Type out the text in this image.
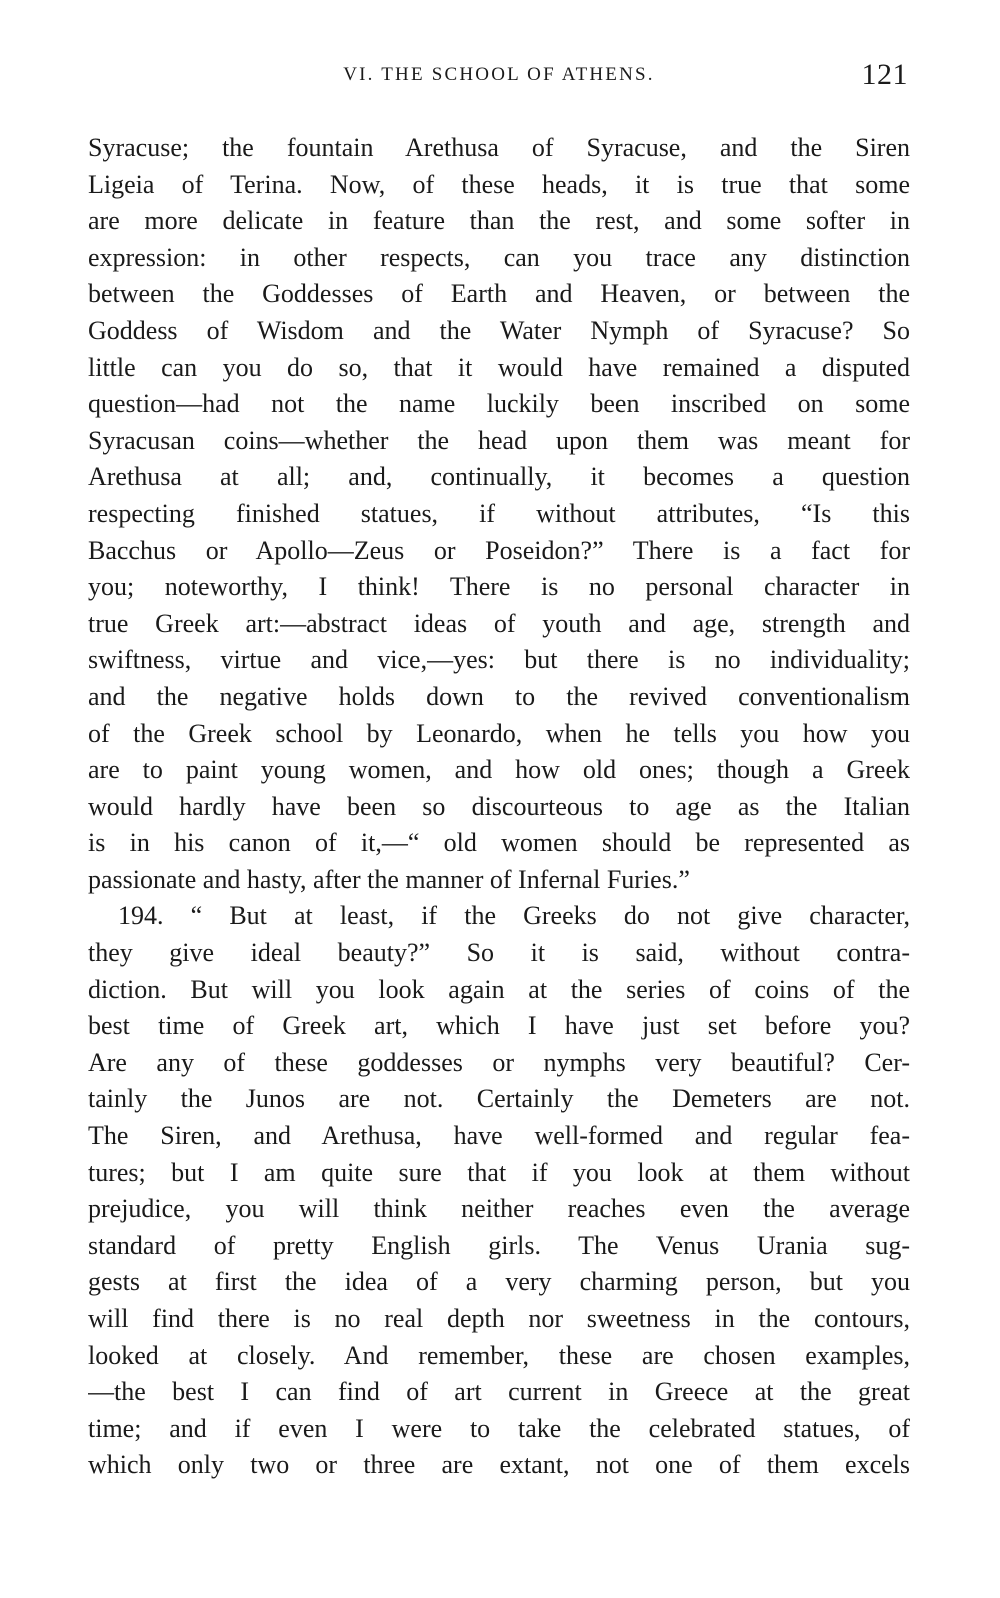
VI. THE SCHOOL OF ATHENS.	121
Syracuse; the fountain Arethusa of Syracuse, and the Siren
Ligeia of Terina. Now, of these heads, it is true that some
are more delicate in feature than the rest, and some softer in
expression: in other respects, can you trace any distinction
between the Goddesses of Earth and Heaven, or between the
Goddess of Wisdom and the Water Nymph of Syracuse? So
little can you do so, that it would have remained a disputed
question—had not the name luckily been inscribed on some
Syracusan coins—whether the head upon them was meant for
Arethusa at all; and, continually, it becomes a question
respecting finished statues, if without attributes, “Is this
Bacchus or Apollo—Zeus or Poseidon?” There is a fact for
you; noteworthy, I think! There is no personal character in
true Greek art:—abstract ideas of youth and age, strength and
swiftness, virtue and vice,—yes: but there is no individuality;
and the negative holds down to the revived conventionalism
of the Greek school by Leonardo, when he tells you how you
are to paint young women, and how old ones; though a Greek
would hardly have been so discourteous to age as the Italian
is in his canon of it,—“ old women should be represented as
passionate and hasty, after the manner of Infernal Furies.”
194. “ But at least, if the Greeks do not give character,
they give ideal beauty?” So it is said, without contra-
diction. But will you look again at the series of coins of the
best time of Greek art, which I have just set before you?
Are any of these goddesses or nymphs very beautiful? Cer-
tainly the Junos are not. Certainly the Demeters are not.
The Siren, and Arethusa, have well-formed and regular fea-
tures; but I am quite sure that if you look at them without
prejudice, you will think neither reaches even the average
standard of pretty English girls. The Venus Urania sug-
gests at first the idea of a very charming person, but you
will find there is no real depth nor sweetness in the contours,
looked at closely. And remember, these are chosen examples,
—the best I can find of art current in Greece at the great
time; and if even I were to take the celebrated statues, of
which only two or three are extant, not one of them excels
